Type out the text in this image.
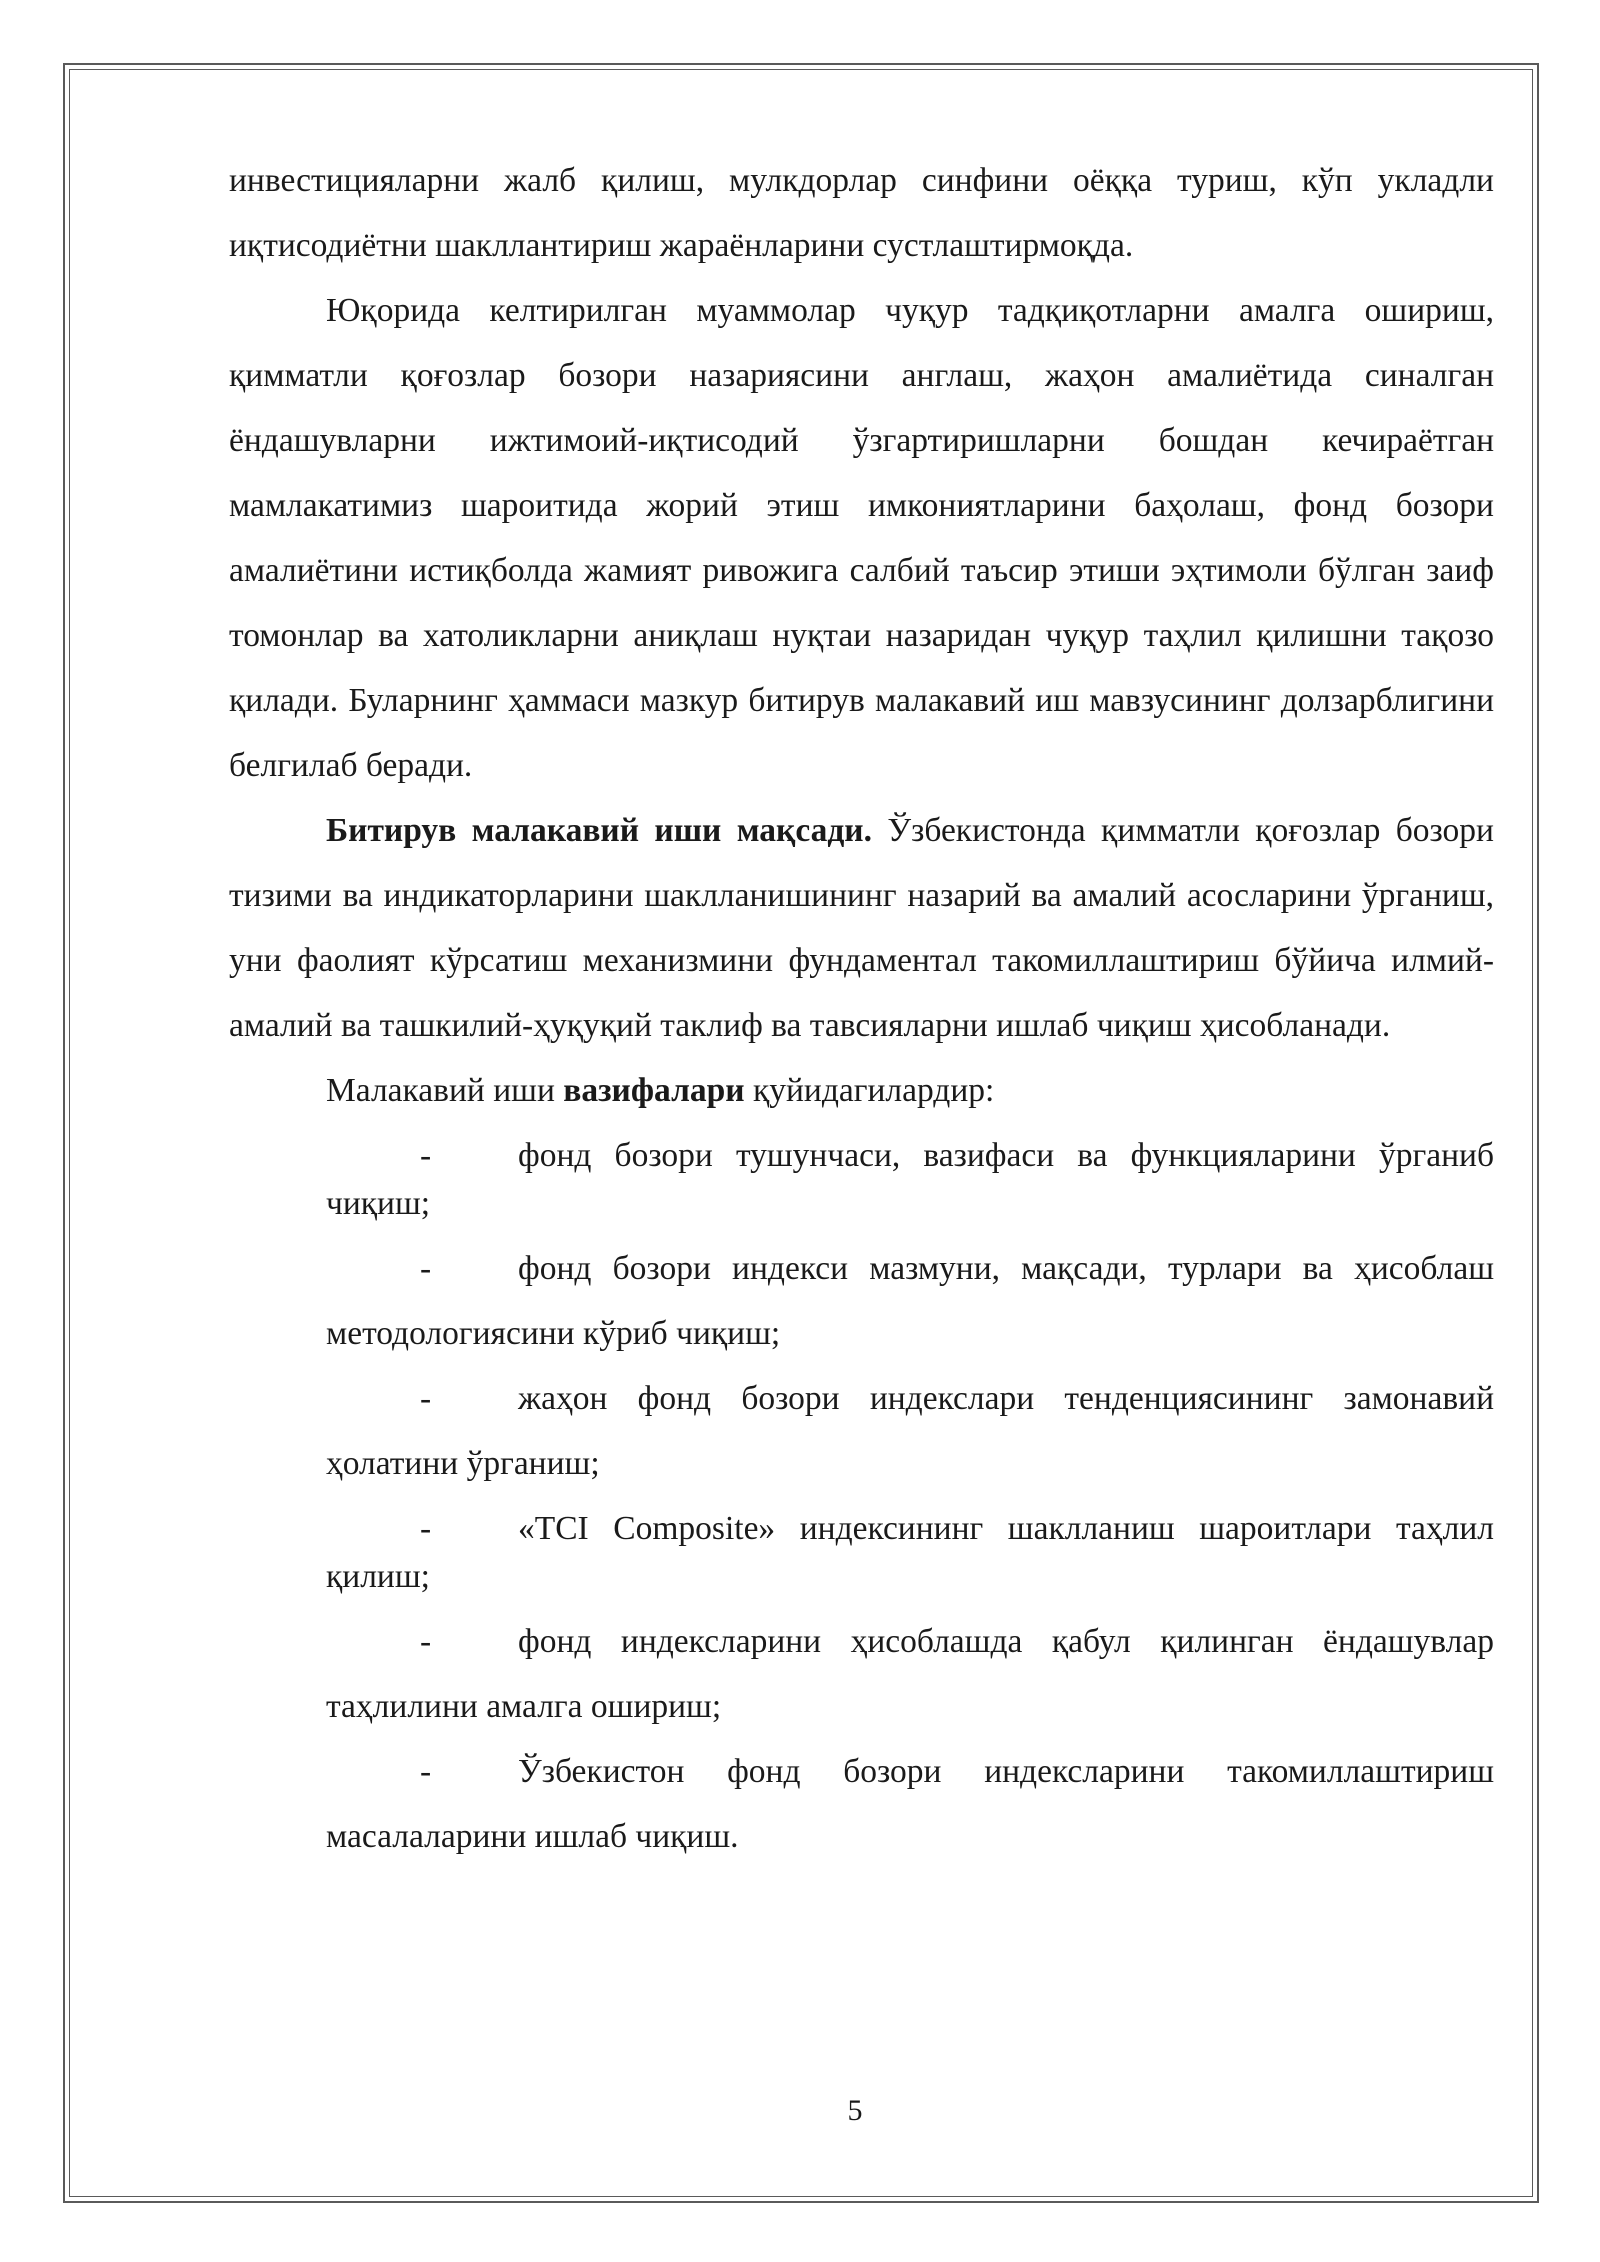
инвестицияларни жалб қилиш, мулкдорлар синфини оёққа туриш, кўп укладли иқтисодиётни шакллантириш жараёнларини сустлаштирмоқда.

Юқорида келтирилган муаммолар чуқур тадқиқотларни амалга ошириш, қимматли қоғозлар бозори назариясини англаш, жаҳон амалиётида синалган ёндашувларни ижтимоий-иқтисодий ўзгартиришларни бошдан кечираётган мамлакатимиз шароитида жорий этиш имкониятларини баҳолаш, фонд бозори амалиётини истиқболда жамият ривожига салбий таъсир этиши эҳтимоли бўлган заиф томонлар ва хатоликларни аниқлаш нуқтаи назаридан чуқур таҳлил қилишни тақозо қилади. Буларнинг ҳаммаси мазкур битирув малакавий иш мавзусининг долзарблигини белгилаб беради.

Битирув малакавий иши мақсади. Ўзбекистонда қимматли қоғозлар бозори тизими ва индикаторларини шаклланишининг назарий ва амалий асосларини ўрганиш, уни фаолият кўрсатиш механизмини фундаментал такомиллаштириш бўйича илмий- амалий ва ташкилий-ҳуқуқий таклиф ва тавсияларни ишлаб чиқиш ҳисобланади.

Малакавий иши вазифалари қуйидагилардир:

-	фонд бозори тушунчаси, вазифаси ва функцияларини ўрганиб чиқиш;
-	фонд бозори индекси мазмуни, мақсади, турлари ва ҳисоблаш методологиясини кўриб чиқиш;
-	жаҳон фонд бозори индекслари тенденциясининг замонавий ҳолатини ўрганиш;
-	«TCI Composite» индексининг шаклланиш шароитлари таҳлил қилиш;
-	фонд индексларини ҳисоблашда қабул қилинган ёндашувлар таҳлилини амалга ошириш;
-	Ўзбекистон фонд бозори индексларини такомиллаштириш масалаларини ишлаб чиқиш.
5
